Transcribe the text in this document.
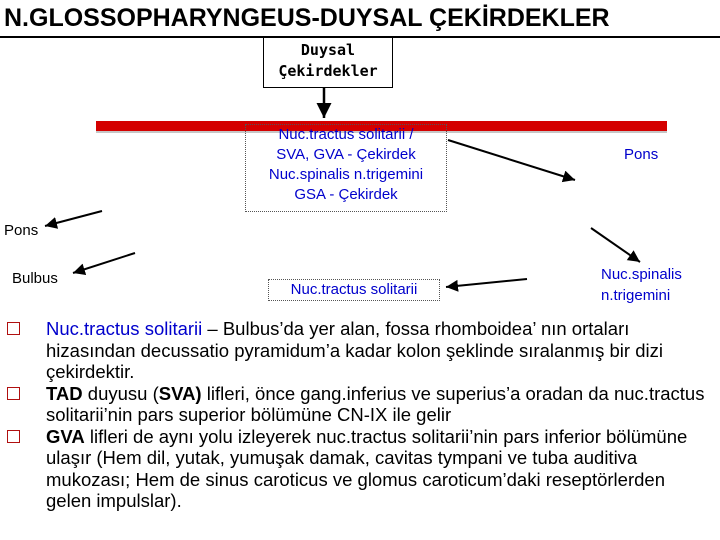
N.GLOSSOPHARYNGEUS-DUYSAL ÇEKİRDEKLER
Duysal
Çekirdekler
Nuc.tractus solitarii /
SVA, GVA - Çekirdek
Nuc.spinalis n.trigemini
GSA - Çekirdek
Pons
Pons
Bulbus
Nuc.tractus solitarii
Nuc.spinalis
n.trigemini
Nuc.tractus solitarii – Bulbus’da yer alan, fossa rhomboidea’ nın ortaları hizasından decussatio pyramidum’a kadar kolon şeklinde sıralanmış bir dizi çekirdektir.
TAD duyusu (SVA) lifleri, önce gang.inferius ve superius’a oradan da nuc.tractus solitarii’nin pars superior bölümüne CN-IX ile gelir
GVA lifleri de aynı yolu izleyerek nuc.tractus solitarii’nin pars inferior bölümüne ulaşır (Hem dil, yutak, yumuşak damak, cavitas tympani ve tuba auditiva mukozası; Hem de sinus caroticus ve glomus caroticum’daki reseptörlerden gelen impulslar).
